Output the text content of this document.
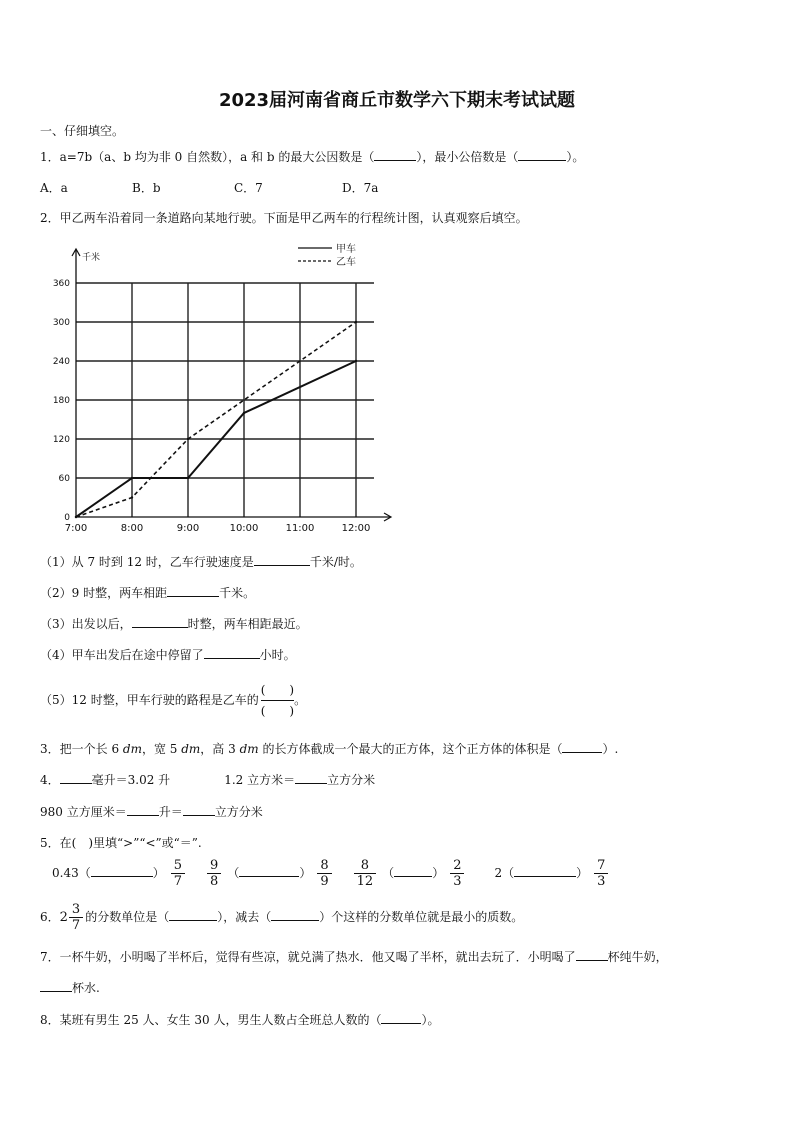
2023届河南省商丘市数学六下期末考试试题
一、仔细填空。
1．a=7b（a、b 均为非 0 自然数），a 和 b 的最大公因数是（	），最小公倍数是（	）。
A．a	B．b	C．7	D．7a
2．甲乙两车沿着同一条道路向某地行驶。下面是甲乙两车的行程统计图，认真观察后填空。
0
60
120
180
240
300
360
7:00	8:00	9:00	10:00	11:00	12:00
千米
甲车
乙车
（1）从 7 时到 12 时，乙车行驶速度是	千米/时。
（2）9 时整，两车相距	千米。
（3）出发以后，	时整，两车相距最近。
（4）甲车出发后在途中停留了	小时。
（5）12 时整，甲车行驶的路程是乙车的 $\frac{( )}{( )}$ 。
3．把一个长 6 dm，宽 5 dm，高 3 dm 的长方体截成一个最大的正方体，这个正方体的体积是（	）.
4．	毫升＝3.02 升	1.2 立方米＝	立方分米
980 立方厘米＝	升＝	立方分米
5．在(　)里填“>”“<”或“＝”.
0.43（	） $\frac{5}{7} \frac{9}{8}$ （	） $\frac{8}{9} \frac{8}{12}$ （	） $\frac{2}{3}$	2（	） $\frac{7}{3}$
6． $2 \frac{3}{7}$ 的分数单位是（	），减去（	）个这样的分数单位就是最小的质数。
7．一杯牛奶，小明喝了半杯后，觉得有些凉，就兑满了热水．他又喝了半杯，就出去玩了．小明喝了	杯纯牛奶，
杯水.
8．某班有男生 25 人、女生 30 人，男生人数占全班总人数的（	）。
